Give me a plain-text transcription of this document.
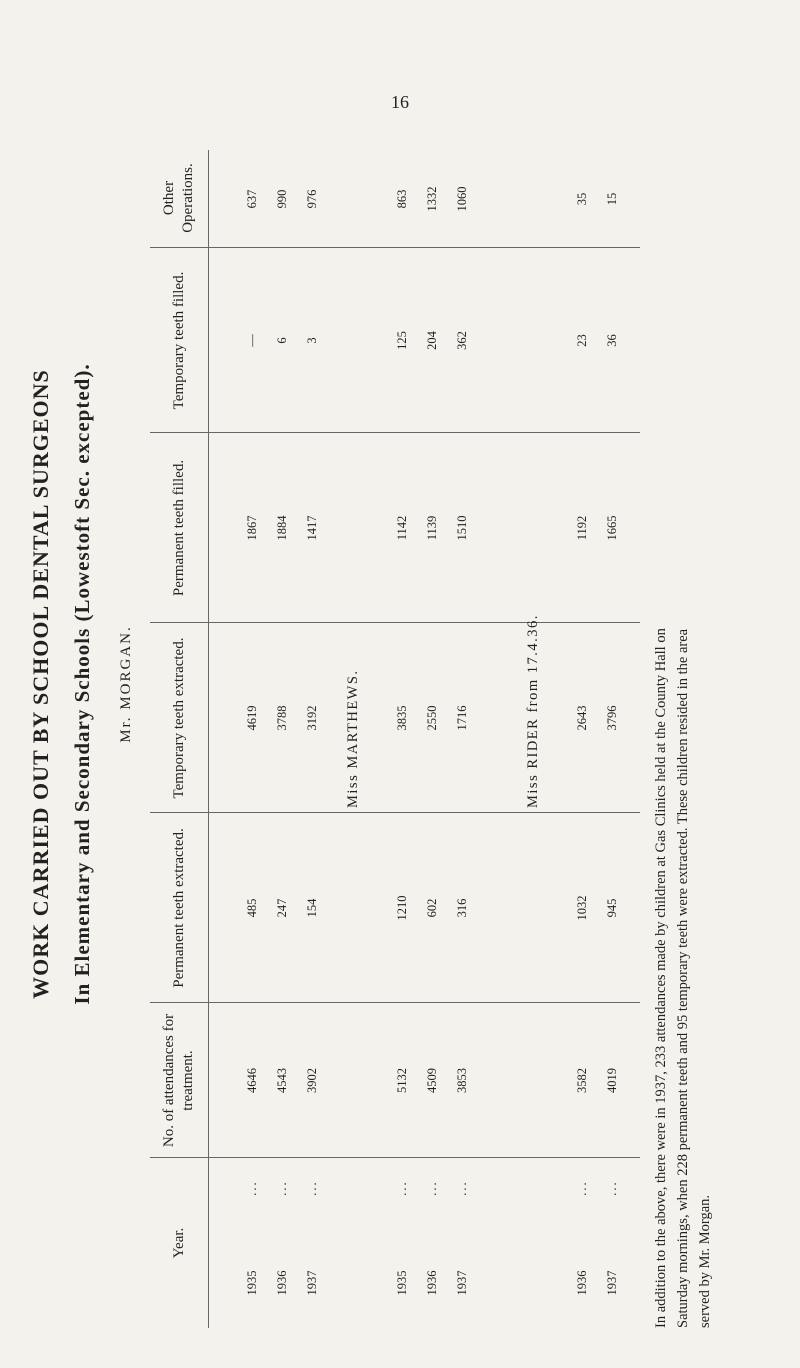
16
WORK CARRIED OUT BY SCHOOL DENTAL SURGEONS In Elementary and Secondary Schools (Lowestoft Sec. excepted). Mr. MORGAN.
Year.
No. of attendances for treatment.
Permanent teeth extracted.
Temporary teeth extracted.
Permanent teeth filled.
Temporary teeth filled.
Other Operations.
1935
...
4646
485
4619
1867
—
637
1936
...
4543
247
3788
1884
6
990
1937
...
3902
154
3192
1417
3
976
Miss MARTHEWS.
1935
...
5132
1210
3835
1142
125
863
1936
...
4509
602
2550
1139
204
1332
1937
...
3853
316
1716
1510
362
1060
Miss RIDER from 17.4.36.
1936
...
3582
1032
2643
1192
23
35
1937
...
4019
945
3796
1665
36
15
In addition to the above, there were in 1937, 233 attendances made by children at Gas Clinics held at the County Hall on Saturday mornings, when 228 permanent teeth and 95 temporary teeth were extracted. These children resided in the area served by Mr. Morgan.
